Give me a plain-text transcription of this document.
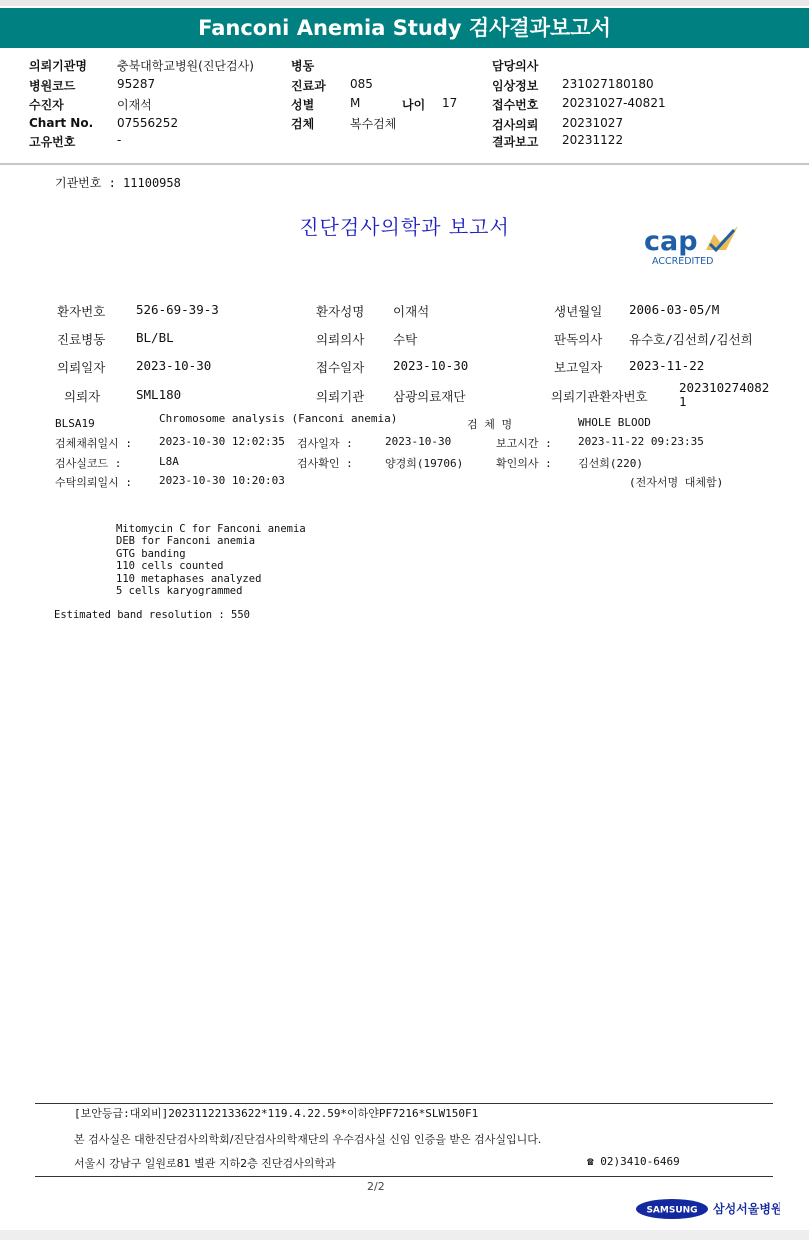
Fanconi Anemia Study 검사결과보고서
의뢰기관명	충북대학교병원(진단검사)
병원코드	95287
수진자	이재석
Chart No. 07556252
고유번호	-
병동
진료과 085
성별	M	나이 17
검체	복수검체
담당의사
임상정보 231027180180
접수번호 20231027-40821
검사의뢰 20231027
결과보고 20231122
기관번호 : 11100958
진단검사의학과 보고서	cap
ACCREDITED
환자번호 526-69-39-3	환자성명 이재석	생년월일 2006-03-05/M
진료병동 BL/BL	의뢰의사 수탁	판독의사 유수호/김선희/김선희
의뢰일자 2023-10-30	접수일자 2023-10-30	보고일자 2023-11-22
의뢰자	SML180	의뢰기관 삼광의료재단	의뢰기관환자번호
202310274082
1
BLSA19	Chromosome analysis (Fanconi anemia)	검 체 명	WHOLE BLOOD
검체채취일시 : 2023-10-30 12:02:35 검사일자 :	2023-10-30	보고시간 : 2023-11-22 09:23:35
검사실코드 :	L8A	검사확인 :	양경희(19706)	확인의사 : 김선희(220)
수탁의뢰일시 : 2023-10-30 10:20:03	(전자서명 대체함)
Mitomycin C for Fanconi anemia
DEB for Fanconi anemia
GTG banding
110 cells counted
110 metaphases analyzed
5 cells karyogrammed
Estimated band resolution : 550
[보안등급:대외비]20231122133622*119.4.22.59*이하얀PF7216*SLW150F1
본 검사실은 대한진단검사의학회/진단검사의학재단의 우수검사실 신임 인증을 받은 검사실입니다.
서울시 강남구 일원로81 별관 지하2층 진단검사의학과	☎ 02)3410-6469
2/2
SAMSUNG 삼성서울병원
